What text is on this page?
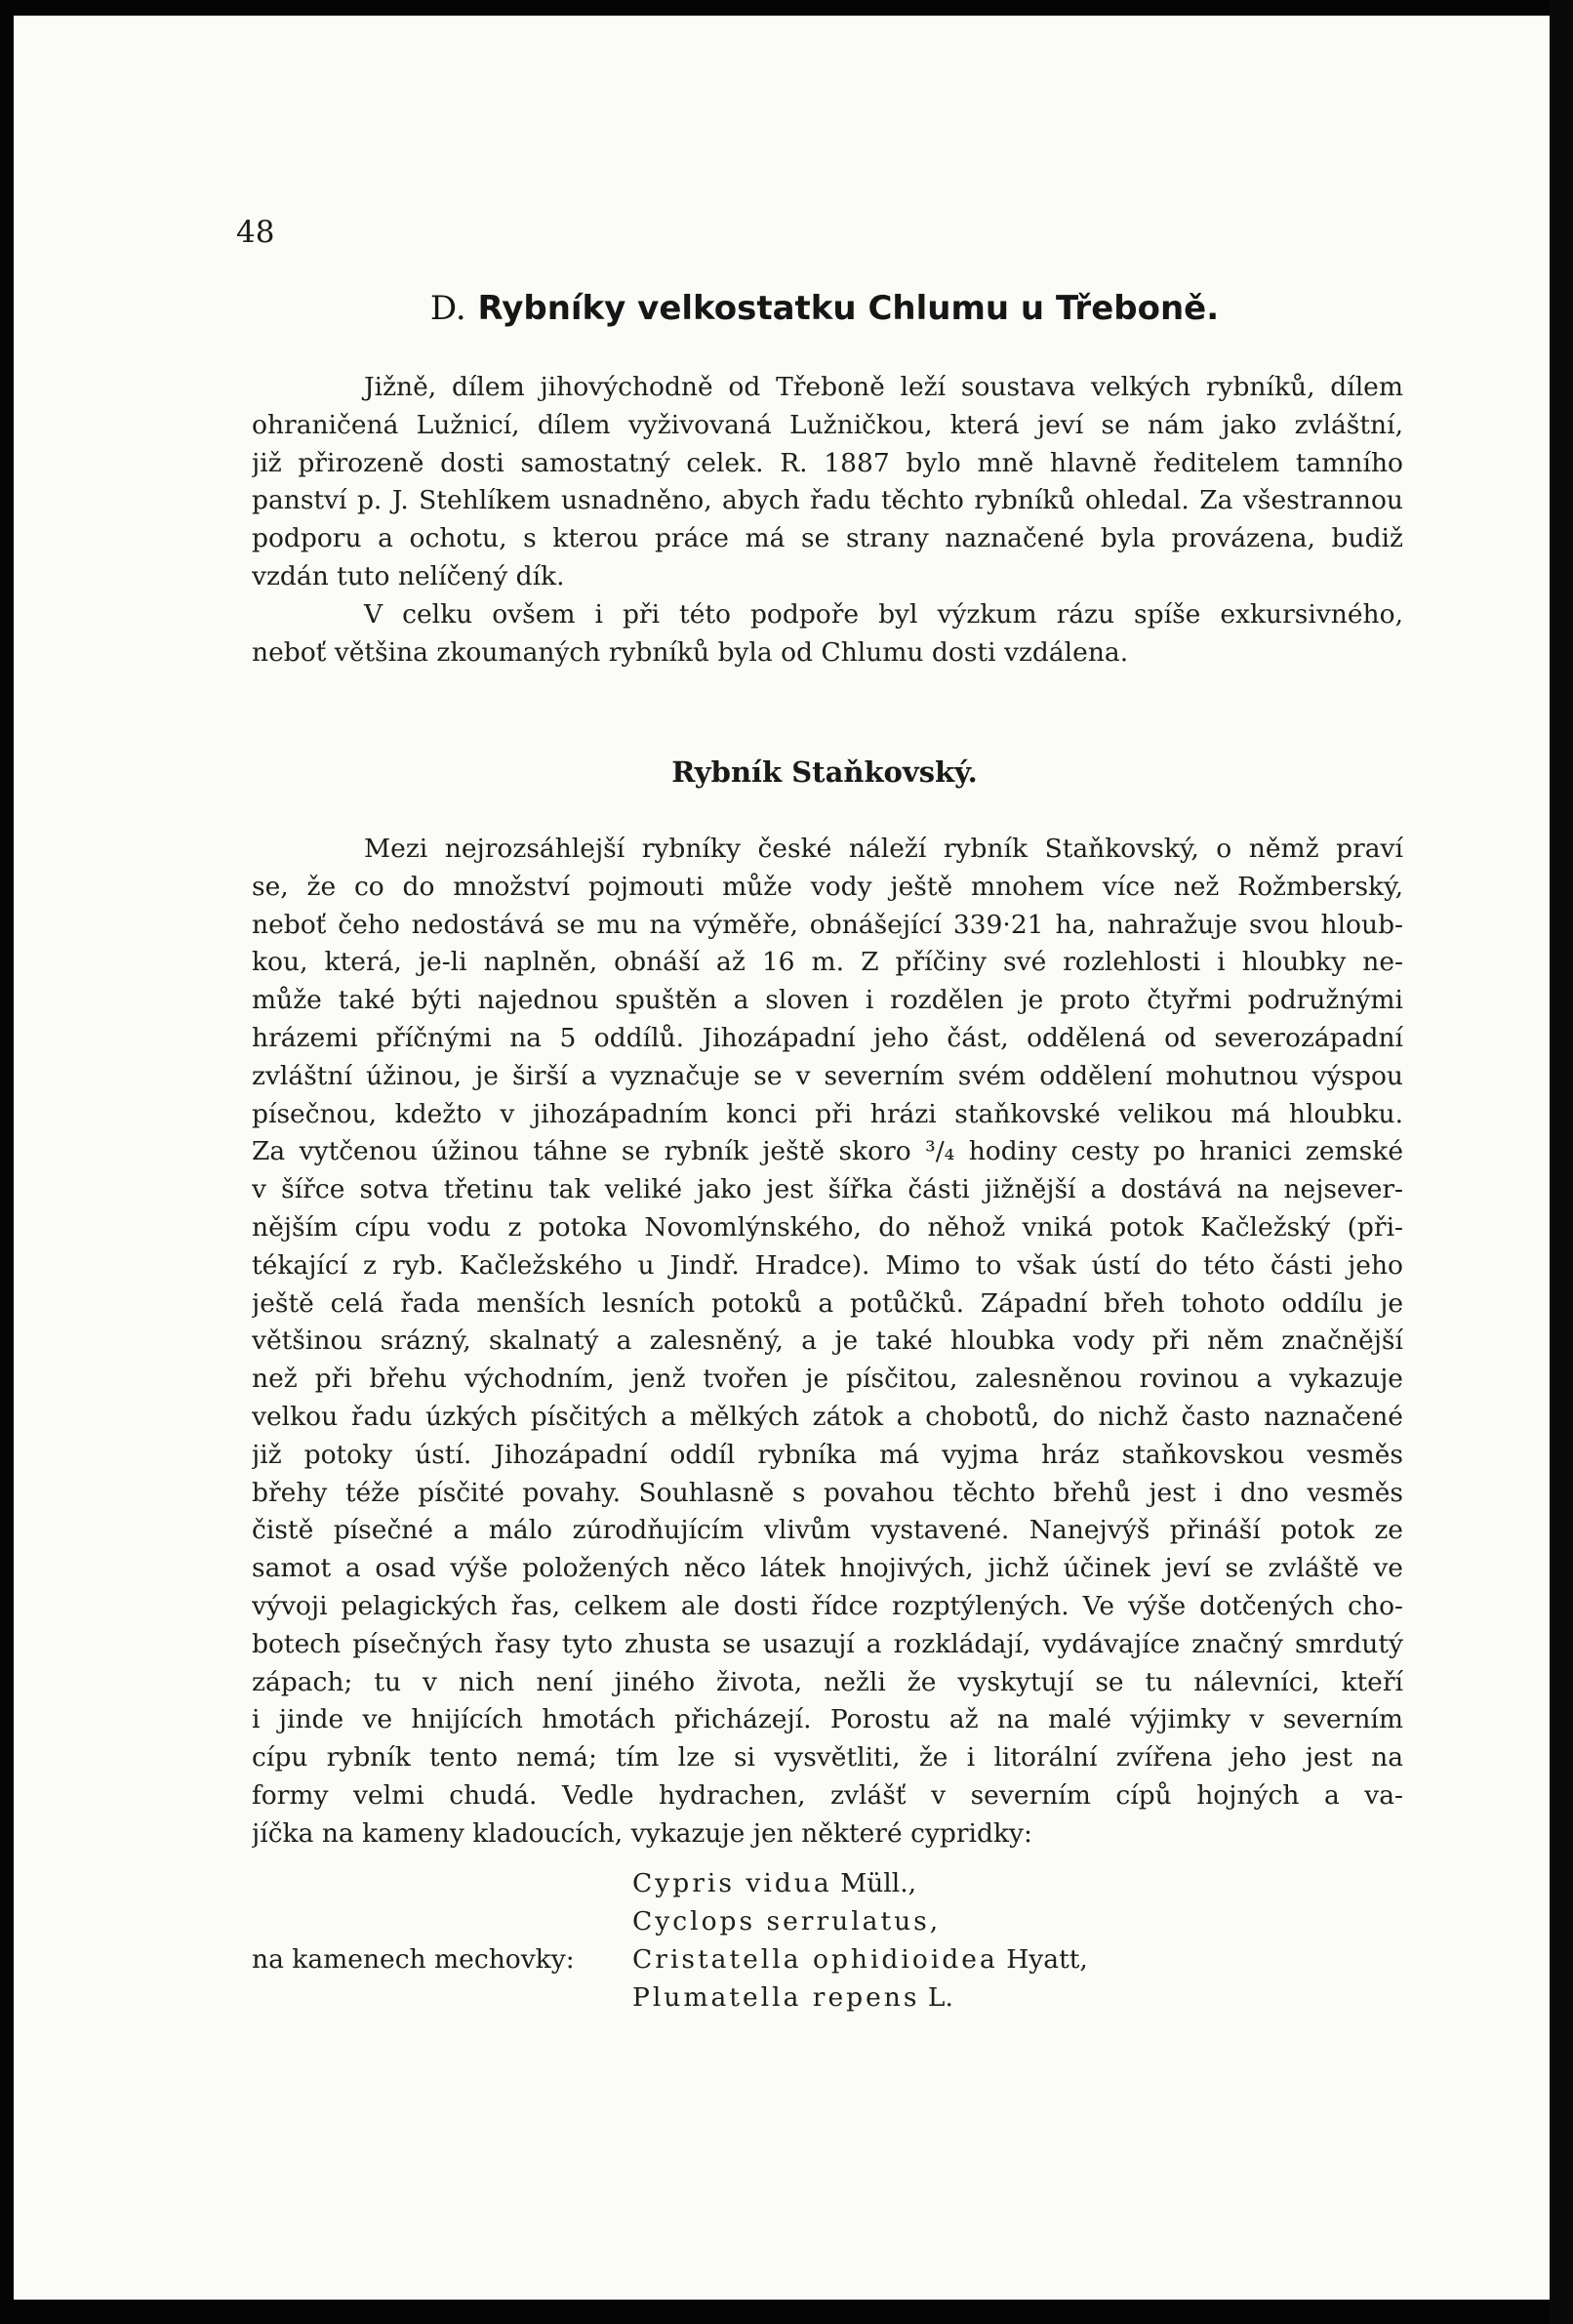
48
D. Rybníky velkostatku Chlumu u Třeboně.
Jižně, dílem jihovýchodně od Třeboně leží soustava velkých rybníků, dílem
ohraničená Lužnicí, dílem vyživovaná Lužničkou, která jeví se nám jako zvláštní,
již přirozeně dosti samostatný celek. R. 1887 bylo mně hlavně ředitelem tamního
panství p. J. Stehlíkem usnadněno, abych řadu těchto rybníků ohledal. Za všestrannou
podporu a ochotu, s kterou práce má se strany naznačené byla provázena, budiž
vzdán tuto nelíčený dík.
V celku ovšem i při této podpoře byl výzkum rázu spíše exkursivného,
neboť většina zkoumaných rybníků byla od Chlumu dosti vzdálena.
Rybník Staňkovský.
Mezi nejrozsáhlejší rybníky české náleží rybník Staňkovský, o němž praví
se, že co do množství pojmouti může vody ještě mnohem více než Rožmberský,
neboť čeho nedostává se mu na výměře, obnášející 339·21 ha, nahražuje svou hloub-
kou, která, je-li naplněn, obnáší až 16 m. Z příčiny své rozlehlosti i hloubky ne-
může také býti najednou spuštěn a sloven i rozdělen je proto čtyřmi podružnými
hrázemi příčnými na 5 oddílů. Jihozápadní jeho část, oddělená od severozápadní
zvláštní úžinou, je širší a vyznačuje se v severním svém oddělení mohutnou výspou
písečnou, kdežto v jihozápadním konci při hrázi staňkovské velikou má hloubku.
Za vytčenou úžinou táhne se rybník ještě skoro ³/₄ hodiny cesty po hranici zemské
v šířce sotva třetinu tak veliké jako jest šířka části jižnější a dostává na nejsever-
nějším cípu vodu z potoka Novomlýnského, do něhož vniká potok Kačležský (při-
tékající z ryb. Kačležského u Jindř. Hradce). Mimo to však ústí do této části jeho
ještě celá řada menších lesních potoků a potůčků. Západní břeh tohoto oddílu je
většinou srázný, skalnatý a zalesněný, a je také hloubka vody při něm značnější
než při břehu východním, jenž tvořen je písčitou, zalesněnou rovinou a vykazuje
velkou řadu úzkých písčitých a mělkých zátok a chobotů, do nichž často naznačené
již potoky ústí. Jihozápadní oddíl rybníka má vyjma hráz staňkovskou vesměs
břehy téže písčité povahy. Souhlasně s povahou těchto břehů jest i dno vesměs
čistě písečné a málo zúrodňujícím vlivům vystavené. Nanejvýš přináší potok ze
samot a osad výše položených něco látek hnojivých, jichž účinek jeví se zvláště ve
vývoji pelagických řas, celkem ale dosti řídce rozptýlených. Ve výše dotčených cho-
botech písečných řasy tyto zhusta se usazují a rozkládají, vydávajíce značný smrdutý
zápach; tu v nich není jiného života, nežli že vyskytují se tu nálevníci, kteří
i jinde ve hnijících hmotách přicházejí. Porostu až na malé výjimky v severním
cípu rybník tento nemá; tím lze si vysvětliti, že i litorální zvířena jeho jest na
formy velmi chudá. Vedle hydrachen, zvlášť v severním cípů hojných a va-
jíčka na kameny kladoucích, vykazuje jen některé cypridky:
Cypris vidua Müll.,
Cyclops serrulatus,
na kamenech mechovky: Cristatella ophidioidea Hyatt,
Plumatella repens L.
